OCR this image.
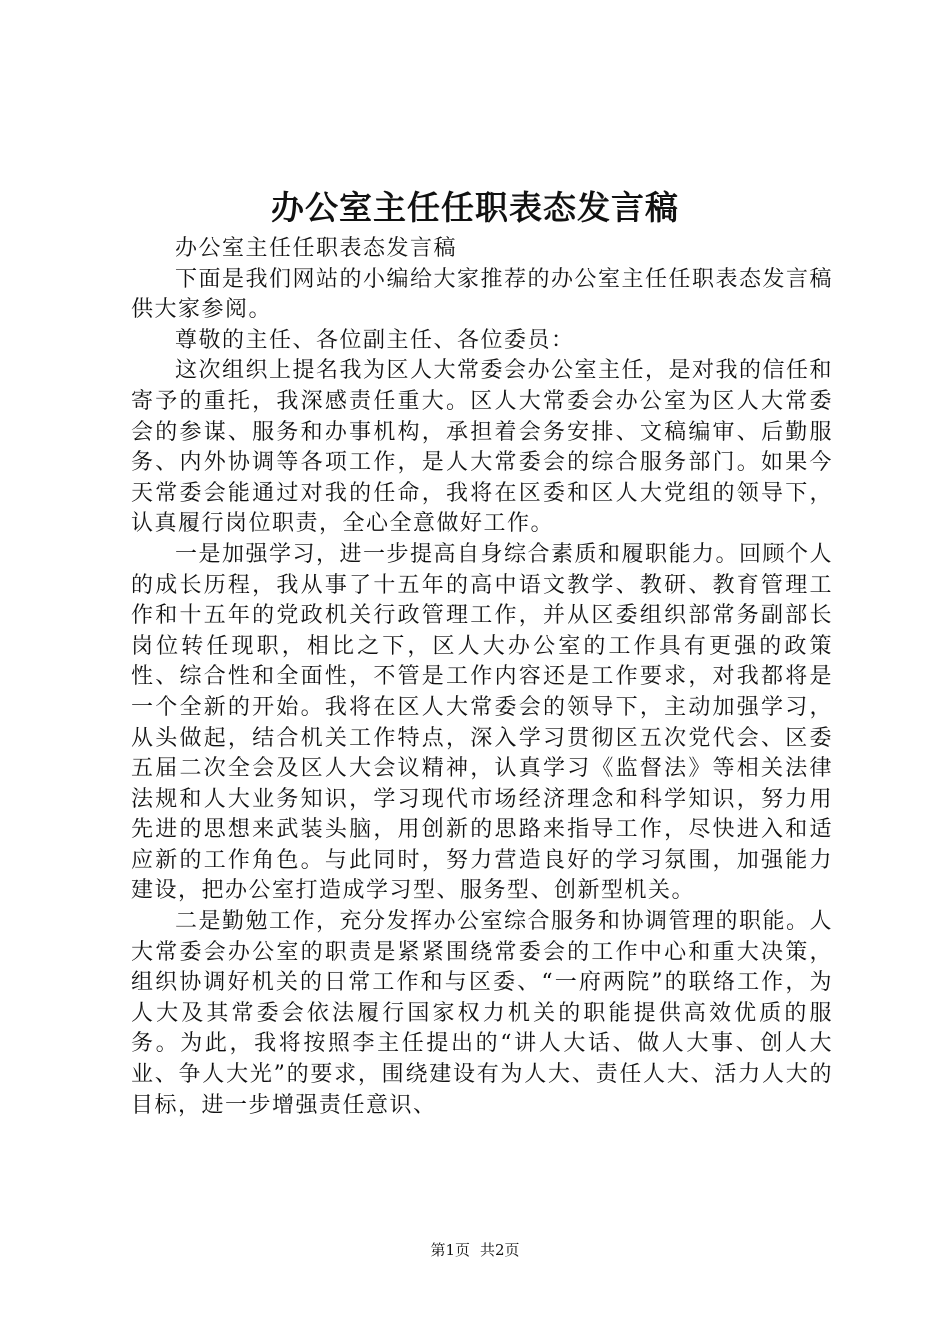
办公室主任任职表态发言稿

办公室主任任职表态发言稿

下面是我们网站的小编给大家推荐的办公室主任任职表态发言稿供大家参阅。

尊敬的主任、各位副主任、各位委员：

这次组织上提名我为区人大常委会办公室主任，是对我的信任和寄予的重托，我深感责任重大。区人大常委会办公室为区人大常委会的参谋、服务和办事机构，承担着会务安排、文稿编审、后勤服务、内外协调等各项工作，是人大常委会的综合服务部门。如果今天常委会能通过对我的任命，我将在区委和区人大党组的领导下，认真履行岗位职责，全心全意做好工作。

一是加强学习，进一步提高自身综合素质和履职能力。回顾个人的成长历程，我从事了十五年的高中语文教学、教研、教育管理工作和十五年的党政机关行政管理工作，并从区委组织部常务副部长岗位转任现职，相比之下，区人大办公室的工作具有更强的政策性、综合性和全面性，不管是工作内容还是工作要求，对我都将是一个全新的开始。我将在区人大常委会的领导下，主动加强学习，从头做起，结合机关工作特点，深入学习贯彻区五次党代会、区委五届二次全会及区人大会议精神，认真学习《监督法》等相关法律法规和人大业务知识，学习现代市场经济理念和科学知识，努力用先进的思想来武装头脑，用创新的思路来指导工作，尽快进入和适应新的工作角色。与此同时，努力营造良好的学习氛围，加强能力建设，把办公室打造成学习型、服务型、创新型机关。

二是勤勉工作，充分发挥办公室综合服务和协调管理的职能。人大常委会办公室的职责是紧紧围绕常委会的工作中心和重大决策，组织协调好机关的日常工作和与区委、“一府两院”的联络工作，为人大及其常委会依法履行国家权力机关的职能提供高效优质的服务。为此，我将按照李主任提出的“讲人大话、做人大事、创人大业、争人大光”的要求，围绕建设有为人大、责任人大、活力人大的目标，进一步增强责任意识、

第1页 共2页
